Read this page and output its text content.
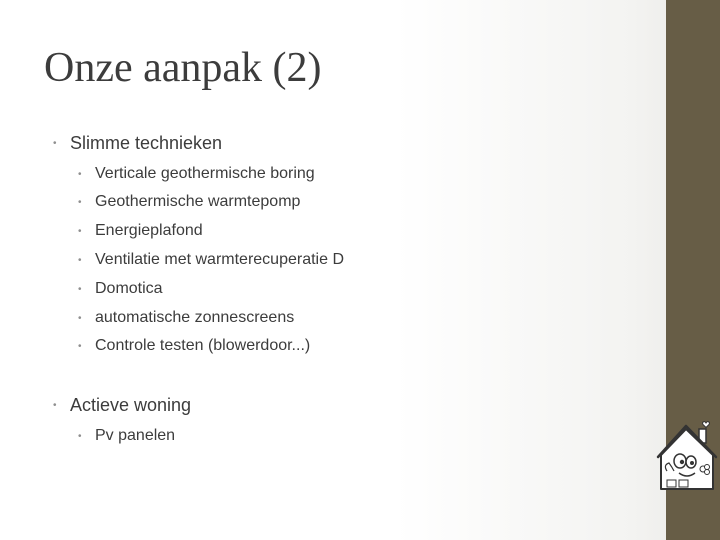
Onze aanpak (2)
• Slimme technieken
• Verticale geothermische boring
• Geothermische warmtepomp
• Energieplafond
• Ventilatie met warmterecuperatie D
• Domotica
• automatische zonnescreens
• Controle testen (blowerdoor...)
• Actieve woning
• Pv panelen
